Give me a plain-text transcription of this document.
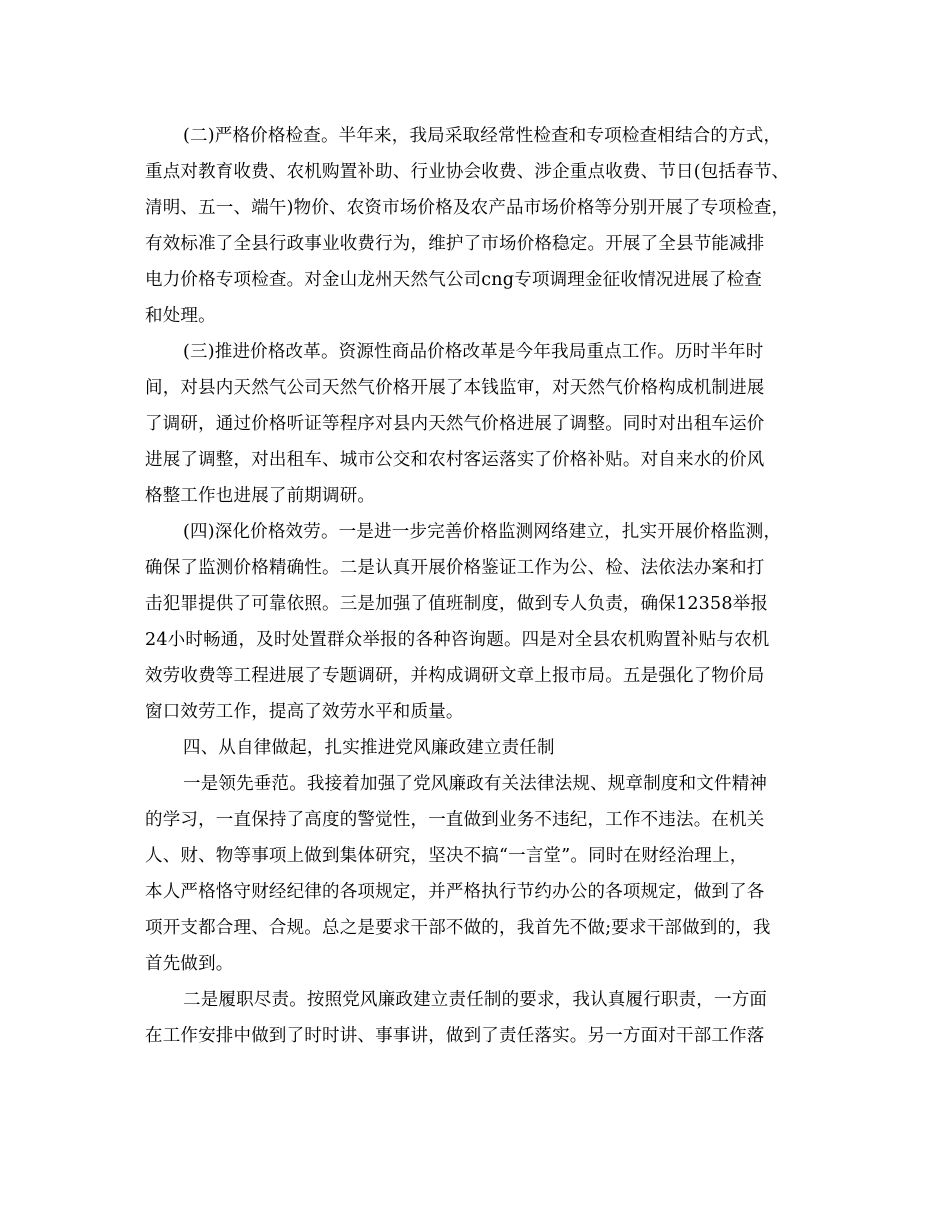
(二)严格价格检查。半年来，我局采取经常性检查和专项检查相结合的方式，
重点对教育收费、农机购置补助、行业协会收费、涉企重点收费、节日(包括春节、
清明、五一、端午)物价、农资市场价格及农产品市场价格等分别开展了专项检查，
有效标准了全县行政事业收费行为，维护了市场价格稳定。开展了全县节能减排
电力价格专项检查。对金山龙州天然气公司cng专项调理金征收情况进展了检查
和处理。
(三)推进价格改革。资源性商品价格改革是今年我局重点工作。历时半年时
间，对县内天然气公司天然气价格开展了本钱监审，对天然气价格构成机制进展
了调研，通过价格听证等程序对县内天然气价格进展了调整。同时对出租车运价
进展了调整，对出租车、城市公交和农村客运落实了价格补贴。对自来水的价风
格整工作也进展了前期调研。
(四)深化价格效劳。一是进一步完善价格监测网络建立，扎实开展价格监测，
确保了监测价格精确性。二是认真开展价格鉴证工作为公、检、法依法办案和打
击犯罪提供了可靠依照。三是加强了值班制度，做到专人负责，确保12358举报
24小时畅通，及时处置群众举报的各种咨询题。四是对全县农机购置补贴与农机
效劳收费等工程进展了专题调研，并构成调研文章上报市局。五是强化了物价局
窗口效劳工作，提高了效劳水平和质量。
四、从自律做起，扎实推进党风廉政建立责任制
一是领先垂范。我接着加强了党风廉政有关法律法规、规章制度和文件精神
的学习，一直保持了高度的警觉性，一直做到业务不违纪，工作不违法。在机关
人、财、物等事项上做到集体研究，坚决不搞“一言堂”。同时在财经治理上，
本人严格恪守财经纪律的各项规定，并严格执行节约办公的各项规定，做到了各
项开支都合理、合规。总之是要求干部不做的，我首先不做;要求干部做到的，我
首先做到。
二是履职尽责。按照党风廉政建立责任制的要求，我认真履行职责，一方面
在工作安排中做到了时时讲、事事讲，做到了责任落实。另一方面对干部工作落
